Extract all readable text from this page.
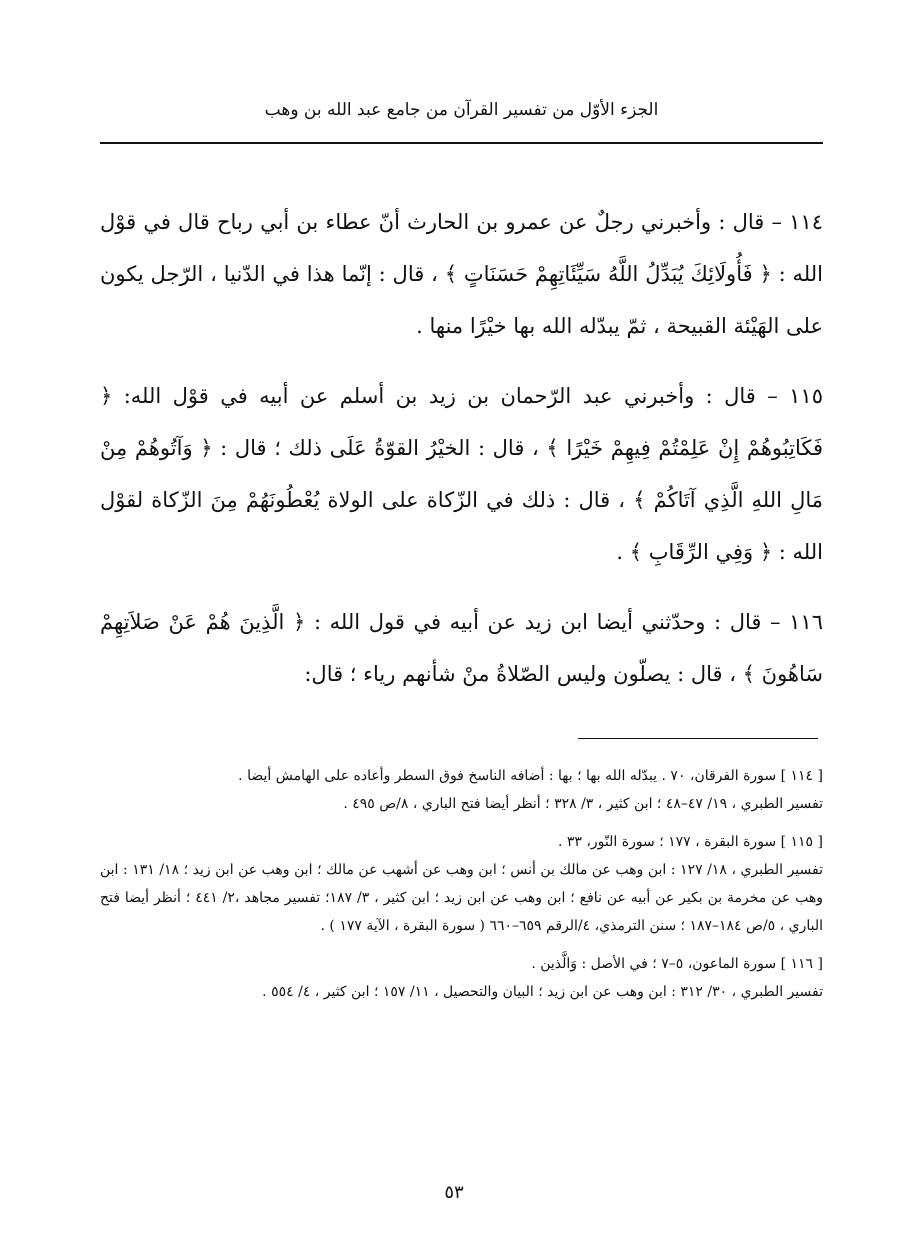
الجزء الأوّل من تفسير القرآن من جامع عبد الله بن وهب

١١٤ – قال : وأخبرني رجلٌ عن عمرو بن الحارث أنّ عطاء بن أبي رباح قال في قوْل الله : ﴿ فَأُولَائِكَ يُبَدِّلُ اللَّهُ سَيِّئَاتِهِمْ حَسَنَاتٍ ﴾ ، قال : إنّما هذا في الدّنيا ، الرّجل يكون على الهَيْئة القبيحة ، ثمّ يبدّله الله بها خيْرًا منها .

١١٥ – قال : وأخبرني عبد الرّحمان بن زيد بن أسلم عن أبيه في قوْل الله: ﴿ فَكَاتِبُوهُمْ إِنْ عَلِمْتُمْ فِيهِمْ خَيْرًا ﴾ ، قال : الخيْرُ القوّةُ عَلَى ذلك ؛ قال : ﴿ وَآتُوهُمْ مِنْ مَالِ اللهِ الَّذِي آتَاكُمْ ﴾ ، قال : ذلك في الزّكاة على الولاة يُعْطُونَهُمْ مِنَ الزّكاة لقوْل الله : ﴿ وَفِي الرِّقَابِ ﴾ .

١١٦ – قال : وحدّثني أيضا ابن زيد عن أبيه في قول الله : ﴿ الَّذِينَ هُمْ عَنْ صَلاَتِهِمْ سَاهُونَ ﴾ ، قال : يصلّون وليس الصّلاةُ منْ شأنهم رياء ؛ قال:

[ ١١٤ ] سورة الفرقان، ٧٠ . يبدّله الله بها ؛ بها : أضافه الناسخ فوق السطر وأعاده على الهامش أيضا .

تفسير الطبري ، ١٩/ ٤٧–٤٨ ؛ ابن كثير ، ٣/ ٣٢٨ ؛ أنظر أيضا فتح الباري ، ٨/ص ٤٩٥ .

[ ١١٥ ] سورة البقرة ، ١٧٧ ؛ سورة النّور، ٣٣ .

تفسير الطبري ، ١٨/ ١٢٧ : ابن وهب عن مالك بن أنس ؛ ابن وهب عن أشهب عن مالك ؛ ابن وهب عن ابن زيد ؛ ١٨/ ١٣١ : ابن وهب عن مخرمة بن بكير عن أبيه عن نافع ؛ ابن وهب عن ابن زيد ؛ ابن كثير ، ٣/ ١٨٧؛ تفسير مجاهد ،٢/ ٤٤١ ؛ أنظر أيضا فتح الباري ، ٥/ص ١٨٤–١٨٧ ؛ سنن الترمذي، ٤/الرقم ٦٥٩–٦٦٠ ( سورة البقرة ، الآية ١٧٧ ) .

[ ١١٦ ] سورة الماعون، ٥–٧ ؛ في الأصل : وَالَّذين .

تفسير الطبري ، ٣٠/ ٣١٢ : ابن وهب عن ابن زيد ؛ البيان والتحصيل ، ١١/ ١٥٧ ؛ ابن كثير ، ٤/ ٥٥٤ .

٥٣
